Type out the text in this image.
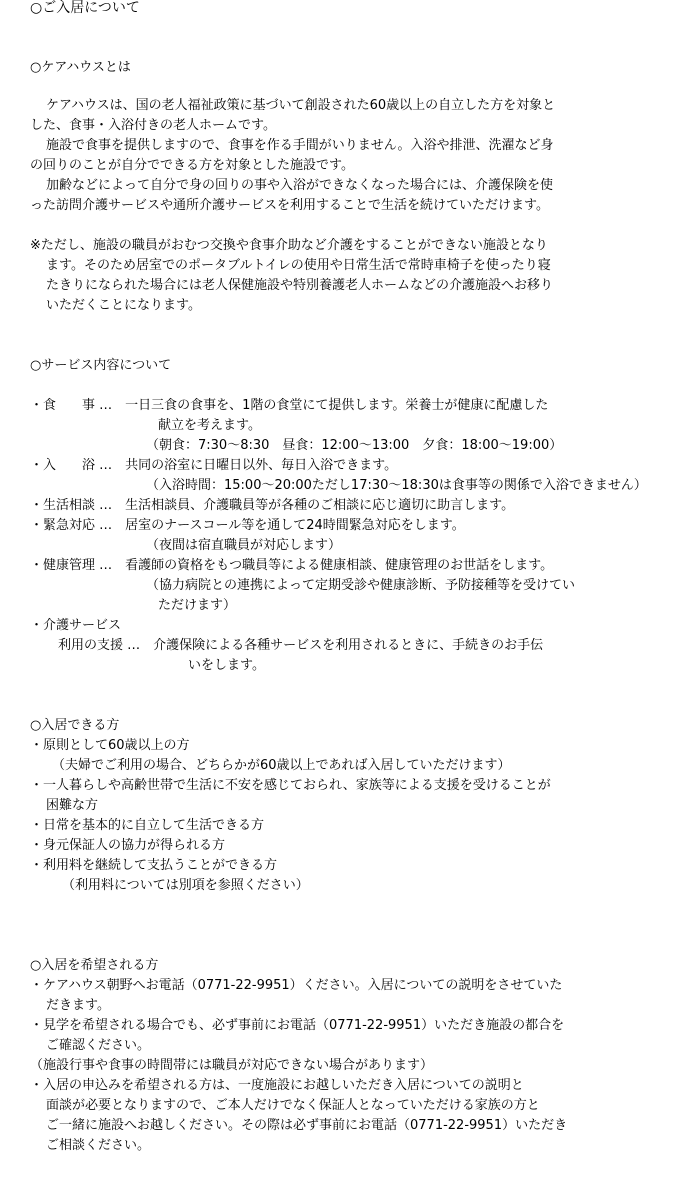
○ご入居について
○ケアハウスとは
ケアハウスは、国の老人福祉政策に基づいて創設された60歳以上の自立した方を対象と
した、食事・入浴付きの老人ホームです。
施設で食事を提供しますので、食事を作る手間がいりません。入浴や排泄、洗濯など身
の回りのことが自分でできる方を対象とした施設です。
加齢などによって自分で身の回りの事や入浴ができなくなった場合には、介護保険を使
った訪問介護サービスや通所介護サービスを利用することで生活を続けていただけます。
※ただし、施設の職員がおむつ交換や食事介助など介護をすることができない施設となり
ます。そのため居室でのポータブルトイレの使用や日常生活で常時車椅子を使ったり寝
たきりになられた場合には老人保健施設や特別養護老人ホームなどの介護施設へお移り
いただくことになります。
○サービス内容について
・食　　事 …　一日三食の食事を、1階の食堂にて提供します。栄養士が健康に配慮した
献立を考えます。
（朝食：7:30〜8:30　昼食：12:00〜13:00　夕食：18:00〜19:00）
・入　　浴 …　共同の浴室に日曜日以外、毎日入浴できます。
（入浴時間：15:00〜20:00ただし17:30〜18:30は食事等の関係で入浴できません）
・生活相談 …　生活相談員、介護職員等が各種のご相談に応じ適切に助言します。
・緊急対応 …　居室のナースコール等を通して24時間緊急対応をします。
（夜間は宿直職員が対応します）
・健康管理 …　看護師の資格をもつ職員等による健康相談、健康管理のお世話をします。
（協力病院との連携によって定期受診や健康診断、予防接種等を受けてい
ただけます）
・介護サービス
利用の支援 …　介護保険による各種サービスを利用されるときに、手続きのお手伝
いをします。
○入居できる方
・原則として60歳以上の方
（夫婦でご利用の場合、どちらかが60歳以上であれば入居していただけます）
・一人暮らしや高齢世帯で生活に不安を感じておられ、家族等による支援を受けることが
困難な方
・日常を基本的に自立して生活できる方
・身元保証人の協力が得られる方
・利用料を継続して支払うことができる方
（利用料については別項を参照ください）
○入居を希望される方
・ケアハウス朝野へお電話（0771-22-9951）ください。入居についての説明をさせていた
だきます。
・見学を希望される場合でも、必ず事前にお電話（0771-22-9951）いただき施設の都合を
ご確認ください。
（施設行事や食事の時間帯には職員が対応できない場合があります）
・入居の申込みを希望される方は、一度施設にお越しいただき入居についての説明と
面談が必要となりますので、ご本人だけでなく保証人となっていただける家族の方と
ご一緒に施設へお越しください。その際は必ず事前にお電話（0771-22-9951）いただき
ご相談ください。
